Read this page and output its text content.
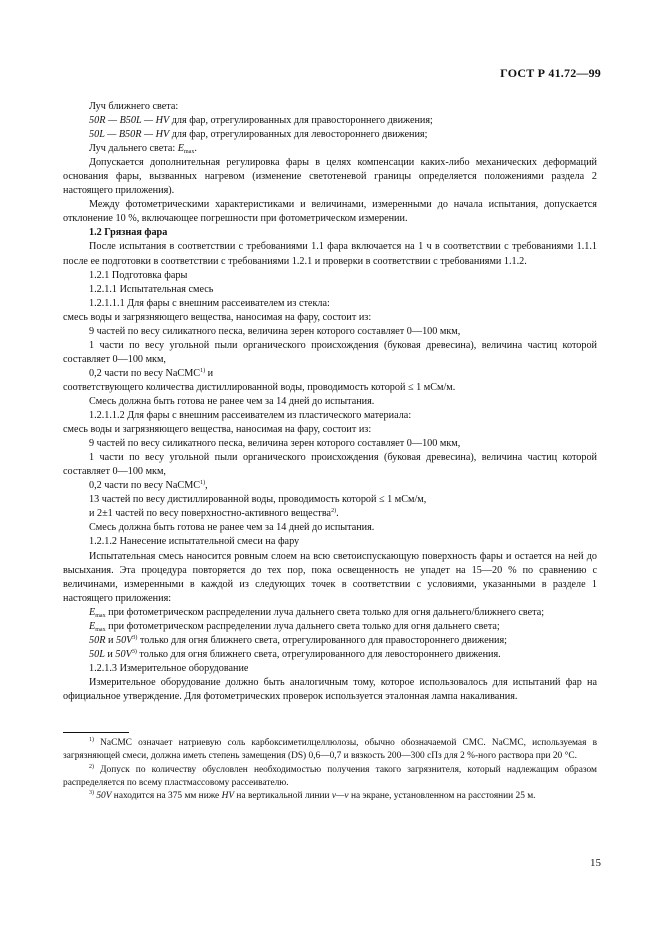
ГОСТ Р 41.72—99

Луч ближнего света:

50R — B50L — HV для фар, отрегулированных для правостороннего движения;

50L — B50R — HV для фар, отрегулированных для левостороннего движения;

Луч дальнего света: $E_{max}$.

Допускается дополнительная регулировка фары в целях компенсации каких-либо механических деформаций основания фары, вызванных нагревом (изменение светотеневой границы определяется положениями раздела 2 настоящего приложения).

Между фотометрическими характеристиками и величинами, измеренными до начала испытания, допускается отклонение 10 %, включающее погрешности при фотометрическом измерении.

1.2 Грязная фара

После испытания в соответствии с требованиями 1.1 фара включается на 1 ч в соответствии с требованиями 1.1.1 после ее подготовки в соответствии с требованиями 1.2.1 и проверки в соответствии с требованиями 1.1.2.

1.2.1 Подготовка фары

1.2.1.1 Испытательная смесь

1.2.1.1.1 Для фары с внешним рассеивателем из стекла:

смесь воды и загрязняющего вещества, наносимая на фару, состоит из:

9 частей по весу силикатного песка, величина зерен которого составляет 0—100 мкм,

1 части по весу угольной пыли органического происхождения (буковая древесина), величина частиц которой составляет 0—100 мкм,

0,2 части по весу NaCMC$^{1)}$ и

соответствующего количества дистиллированной воды, проводимость которой ≤ 1 мСм/м.

Смесь должна быть готова не ранее чем за 14 дней до испытания.

1.2.1.1.2 Для фары с внешним рассеивателем из пластического материала:

смесь воды и загрязняющего вещества, наносимая на фару, состоит из:

9 частей по весу силикатного песка, величина зерен которого составляет 0—100 мкм,

1 части по весу угольной пыли органического происхождения (буковая древесина), величина частиц которой составляет 0—100 мкм,

0,2 части по весу NaCMC$^{1)}$,

13 частей по весу дистиллированной воды, проводимость которой ≤ 1 мСм/м,

и 2±1 частей по весу поверхностно-активного вещества$^{2)}$.

Смесь должна быть готова не ранее чем за 14 дней до испытания.

1.2.1.2 Нанесение испытательной смеси на фару

Испытательная смесь наносится ровным слоем на всю светоиспускающую поверхность фары и остается на ней до высыхания. Эта процедура повторяется до тех пор, пока освещенность не упадет на 15—20 % по сравнению с величинами, измеренными в каждой из следующих точек в соответствии с условиями, указанными в разделе 1 настоящего приложения:

$E_{max}$ при фотометрическом распределении луча дальнего света только для огня дальнего/ближнего света;

$E_{max}$ при фотометрическом распределении луча дальнего света только для огня дальнего света;

50R и $50V^{3)}$ только для огня ближнего света, отрегулированного для правостороннего движения;

50L и $50V^{3)}$ только для огня ближнего света, отрегулированного для левостороннего движения.

1.2.1.3 Измерительное оборудование

Измерительное оборудование должно быть аналогичным тому, которое использовалось для испытаний фар на официальное утверждение. Для фотометрических проверок используется эталонная лампа накаливания.

$^{1)}$ NaCMC означает натриевую соль карбоксиметилцеллюлозы, обычно обозначаемой CMC. NaCMC, используемая в загрязняющей смеси, должна иметь степень замещения (DS) 0,6—0,7 и вязкость 200—300 сПз для 2 %-ного раствора при 20 °С.

$^{2)}$ Допуск по количеству обусловлен необходимостью получения такого загрязнителя, который надлежащим образом распределяется по всему пластмассовому рассеивателю.

$^{3)}$ 50V находится на 375 мм ниже HV на вертикальной линии v—v на экране, установленном на расстоянии 25 м.

15
